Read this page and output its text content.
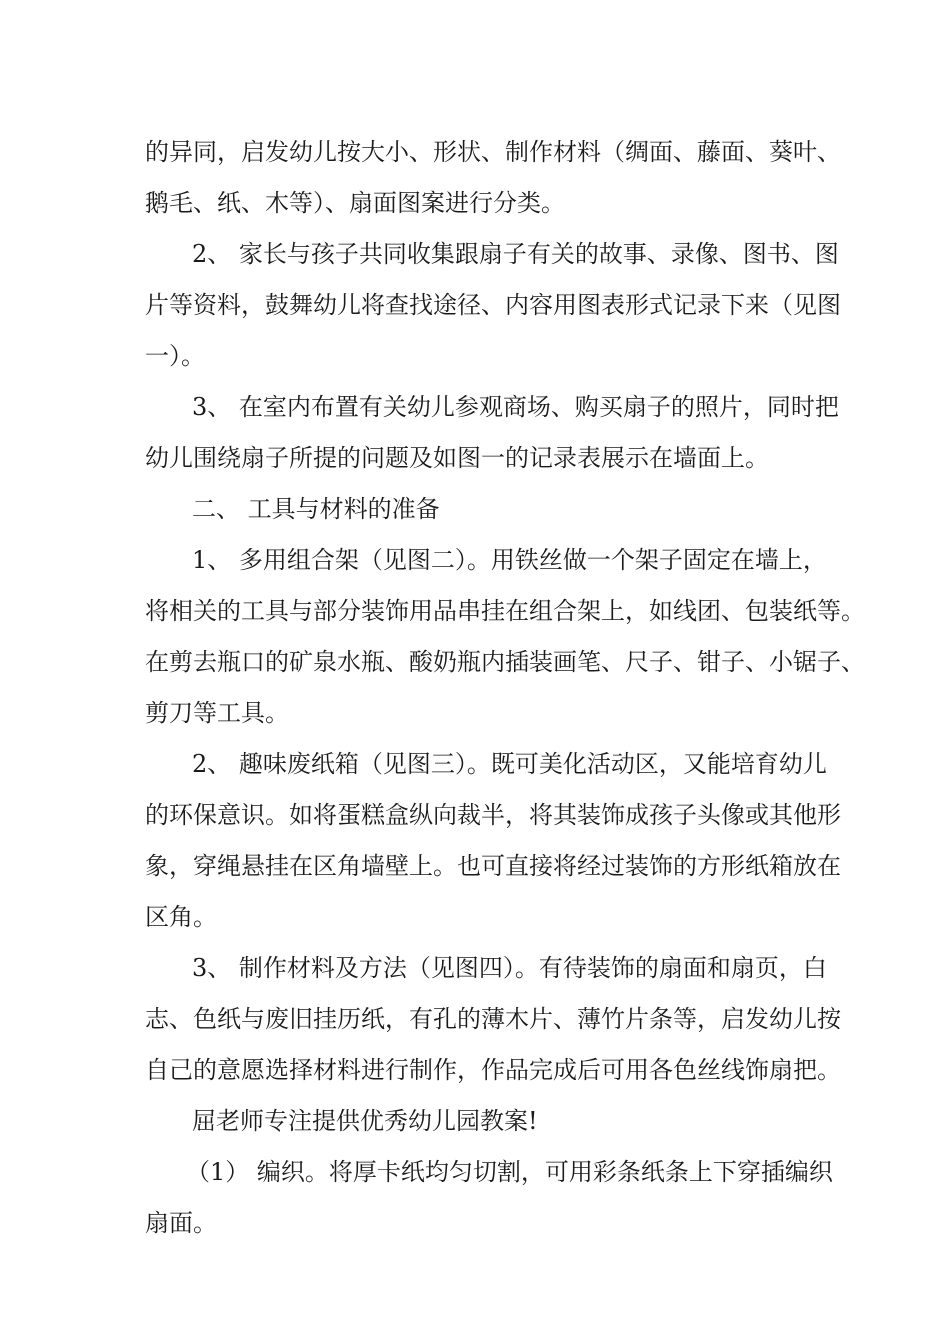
的异同，启发幼儿按大小、形状、制作材料（绸面、藤面、葵叶、
鹅毛、纸、木等）、扇面图案进行分类。
2、 家长与孩子共同收集跟扇子有关的故事、录像、图书、图
片等资料，鼓舞幼儿将查找途径、内容用图表形式记录下来（见图
一）。
3、 在室内布置有关幼儿参观商场、购买扇子的照片，同时把
幼儿围绕扇子所提的问题及如图一的记录表展示在墙面上。
二、 工具与材料的准备
1、 多用组合架（见图二）。用铁丝做一个架子固定在墙上，
将相关的工具与部分装饰用品串挂在组合架上，如线团、包装纸等。
在剪去瓶口的矿泉水瓶、酸奶瓶内插装画笔、尺子、钳子、小锯子、
剪刀等工具。
2、 趣味废纸箱（见图三）。既可美化活动区，又能培育幼儿
的环保意识。如将蛋糕盒纵向裁半，将其装饰成孩子头像或其他形
象，穿绳悬挂在区角墙壁上。也可直接将经过装饰的方形纸箱放在
区角。
3、 制作材料及方法（见图四）。有待装饰的扇面和扇页，白
志、色纸与废旧挂历纸，有孔的薄木片、薄竹片条等，启发幼儿按
自己的意愿选择材料进行制作，作品完成后可用各色丝线饰扇把。
屈老师专注提供优秀幼儿园教案!
（1） 编织。将厚卡纸均匀切割，可用彩条纸条上下穿插编织
扇面。
